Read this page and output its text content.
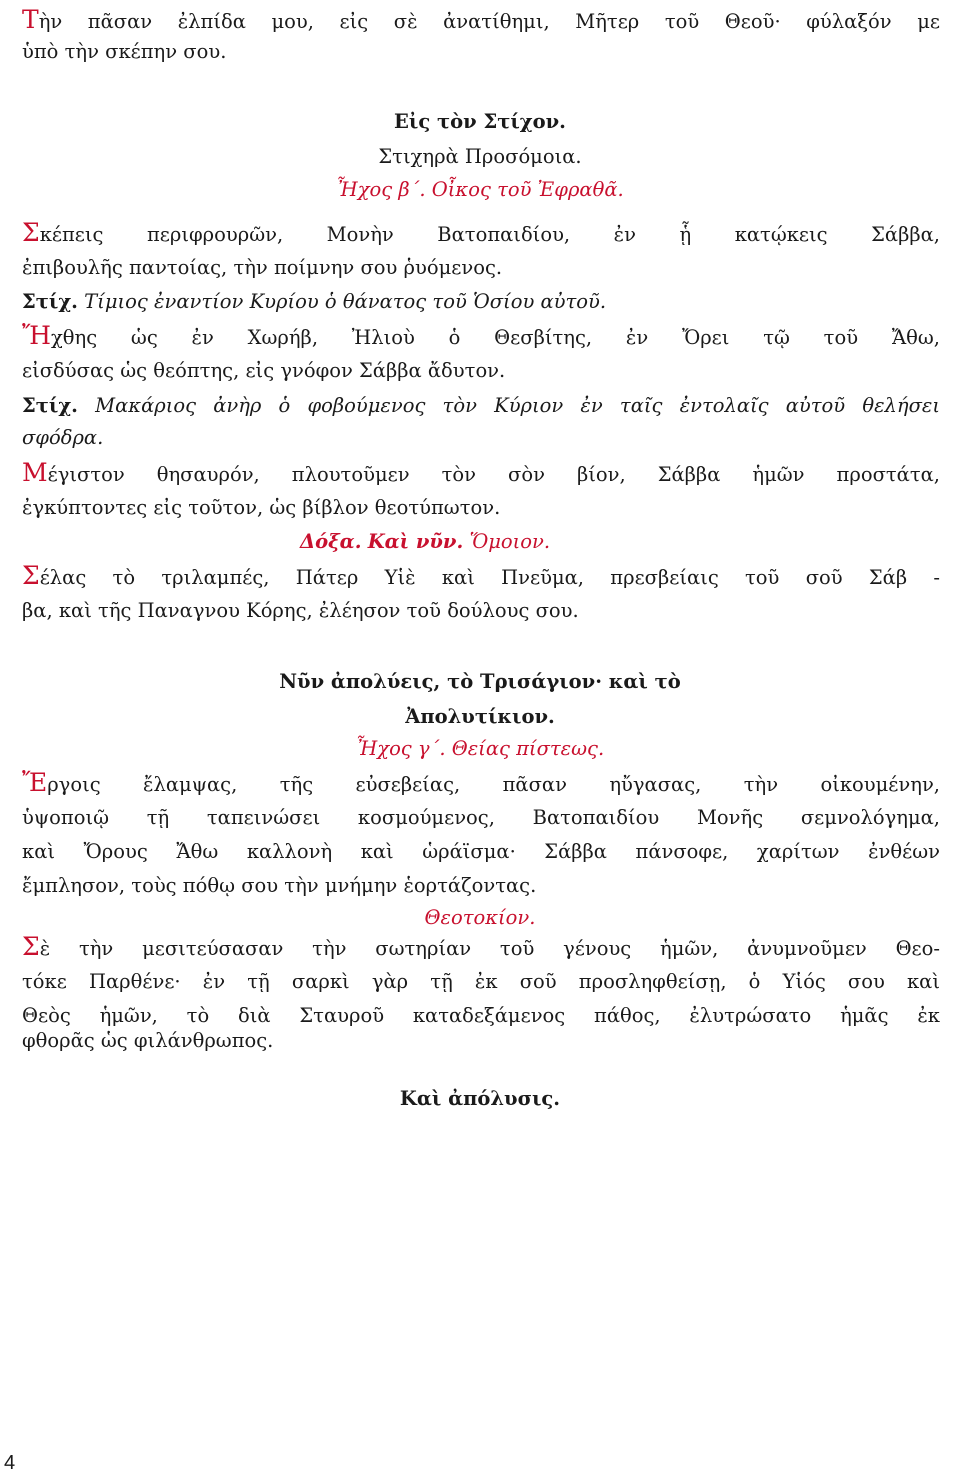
Τὴν πᾶσαν ἐλπίδα μου, εἰς σὲ ἀνατίθημι, Μῆτερ τοῦ Θεοῦ· φύλαξόν με
ὑπὸ τὴν σκέπην σου.
Εἰς τὸν Στίχον.
Στιχηρὰ Προσόμοια.
Ἦχος β΄. Οἶκος τοῦ Ἐφραθᾶ.
Σκέπεις περιφρουρῶν, Μονὴν Βατοπαιδίου, ἐν ᾗ κατῴκεις Σάββα,
ἐπιβουλῆς παντοίας, τὴν ποίμνην σου ῥυόμενος.
Στίχ. Τίμιος ἐναντίον Κυρίου ὁ θάνατος τοῦ Ὁσίου αὐτοῦ.
Ἤχθης ὡς ἐν Χωρήβ, Ἠλιοὺ ὁ Θεσβίτης, ἐν Ὄρει τῷ τοῦ Ἄθω,
εἰσδύσας ὡς θεόπτης, εἰς γνόφον Σάββα ἄδυτον.
Στίχ. Μακάριος ἀνὴρ ὁ φοβούμενος τὸν Κύριον ἐν ταῖς ἐντολαῖς αὐτοῦ θελήσει
σφόδρα.
Μέγιστον θησαυρόν, πλουτοῦμεν τὸν σὸν βίον, Σάββα ἡμῶν προστάτα,
ἐγκύπτοντες εἰς τοῦτον, ὡς βίβλον θεοτύπωτον.
Δόξα. Καὶ νῦν. Ὅμοιον.
Σέλας τὸ τριλαμπές, Πάτερ Υἱὲ καὶ Πνεῦμα, πρεσβείαις τοῦ σοῦ Σάβ -
βα, καὶ τῆς Παναγνου Κόρης, ἐλέησον τοῦ δούλους σου.
Νῦν ἀπολύεις, τὸ Τρισάγιον· καὶ τὸ
Ἀπολυτίκιον.
Ἦχος γ΄. Θείας πίστεως.
Ἔργοις ἔλαμψας, τῆς εὐσεβείας, πᾶσαν ηὔγασας, τὴν οἰκουμένην,
ὑψοποιῷ τῇ ταπεινώσει κοσμούμενος, Βατοπαιδίου Μονῆς σεμνολόγημα,
καὶ Ὄρους Ἄθω καλλονὴ καὶ ὡράϊσμα· Σάββα πάνσοφε, χαρίτων ἐνθέων
ἔμπλησον, τοὺς πόθῳ σου τὴν μνήμην ἑορτάζοντας.
Θεοτοκίον.
Σὲ τὴν μεσιτεύσασαν τὴν σωτηρίαν τοῦ γένους ἡμῶν, ἀνυμνοῦμεν Θεο-
τόκε Παρθένε· ἐν τῇ σαρκὶ γὰρ τῇ ἐκ σοῦ προσληφθείσῃ, ὁ Υἱός σου καὶ
Θεὸς ἡμῶν, τὸ διὰ Σταυροῦ καταδεξάμενος πάθος, ἐλυτρώσατο ἡμᾶς ἐκ
φθορᾶς ὡς φιλάνθρωπος.
Καὶ ἀπόλυσις.
4
